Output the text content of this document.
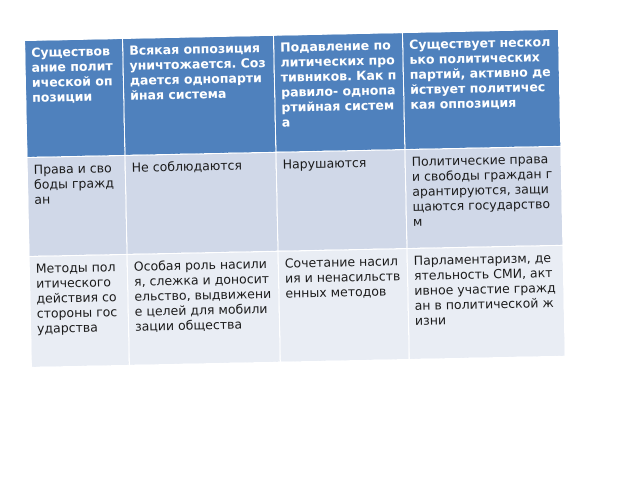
Существование политической оппозиции	Всякая оппозиция уничтожается. Создается однопартийная система	Подавление политических противников. Как правило- однопартийная система	Существует несколько политических партий, активно действует политическая оппозиция
Права и свободы граждан	Не соблюдаются	Нарушаются	Политические права и свободы граждан гарантируются, защищаются государством
Методы политического действия со стороны государства	Особая роль насилия, слежка и доносительство, выдвижение целей для мобилизации общества	Сочетание насилия и ненасильственных методов	Парламентаризм, деятельность СМИ, активное участие граждан в политической жизни
